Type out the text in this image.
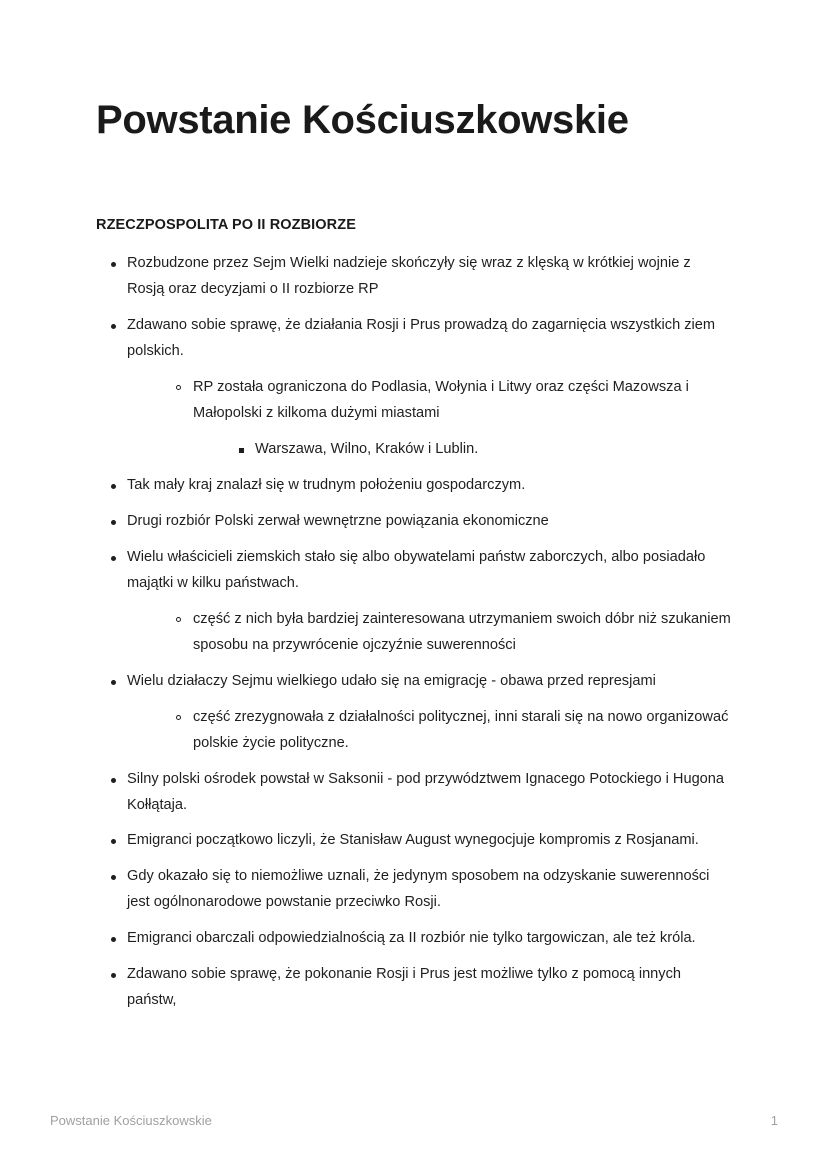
Powstanie Kościuszkowskie
RZECZPOSPOLITA PO II ROZBIORZE
Rozbudzone przez Sejm Wielki nadzieje skończyły się wraz z klęską w krótkiej wojnie z Rosją oraz decyzjami o II rozbiorze RP
Zdawano sobie sprawę, że działania Rosji i Prus prowadzą do zagarnięcia wszystkich ziem polskich.
RP została ograniczona do Podlasia, Wołynia i Litwy oraz części Mazowsza i Małopolski z kilkoma dużymi miastami
Warszawa, Wilno, Kraków i Lublin.
Tak mały kraj znalazł się w trudnym położeniu gospodarczym.
Drugi rozbiór Polski zerwał wewnętrzne powiązania ekonomiczne
Wielu właścicieli ziemskich stało się albo obywatelami państw zaborczych, albo posiadało majątki w kilku państwach.
część z nich była bardziej zainteresowana utrzymaniem swoich dóbr niż szukaniem sposobu na przywrócenie ojczyźnie suwerenności
Wielu działaczy Sejmu wielkiego udało się na emigrację - obawa przed represjami
część zrezygnowała z działalności politycznej, inni starali się na nowo organizować polskie życie polityczne.
Silny polski ośrodek powstał w Saksonii - pod przywództwem Ignacego Potockiego i Hugona Kołłątaja.
Emigranci początkowo liczyli, że Stanisław August wynegocjuje kompromis z Rosjanami.
Gdy okazało się to niemożliwe uznali, że jedynym sposobem na odzyskanie suwerenności jest ogólnonarodowe powstanie przeciwko Rosji.
Emigranci obarczali odpowiedzialnością za II rozbiór nie tylko targowiczan, ale też króla.
Zdawano sobie sprawę, że pokonanie Rosji i Prus jest możliwe tylko z pomocą innych państw,
Powstanie Kościuszkowskie	1
